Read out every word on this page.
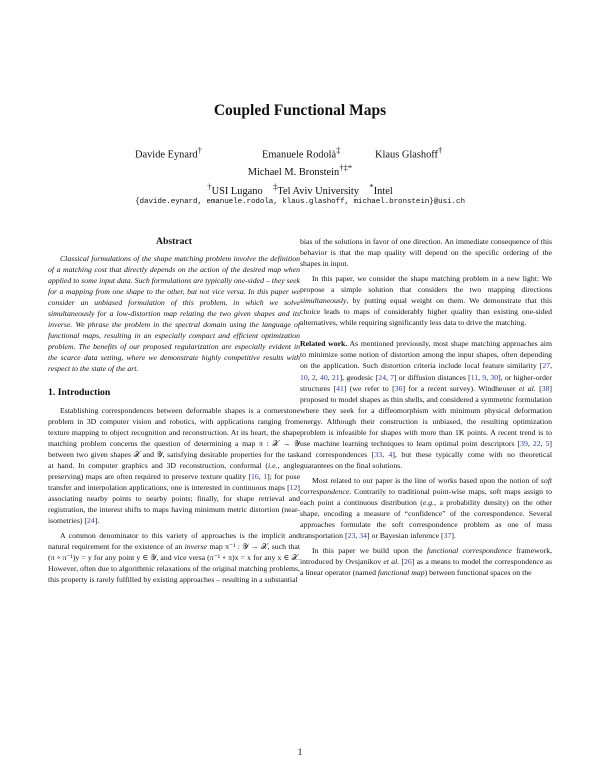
Coupled Functional Maps
Davide Eynard†	Emanuele Rodolà‡	Klaus Glashoff†
Michael M. Bronstein†‡*
†USI Lugano ‡Tel Aviv University *Intel
{davide.eynard, emanuele.rodola, klaus.glashoff, michael.bronstein}@usi.ch
Abstract

Classical formulations of the shape matching problem involve the definition of a matching cost that directly depends on the action of the desired map when applied to some input data. Such formulations are typically one-sided – they seek for a mapping from one shape to the other, but not vice versa. In this paper we consider an unbiased formulation of this problem, in which we solve simultaneously for a low-distortion map relating the two given shapes and its inverse. We phrase the problem in the spectral domain using the language of functional maps, resulting in an especially compact and efficient optimization problem. The benefits of our proposed regularization are especially evident in the scarce data setting, where we demonstrate highly competitive results with respect to the state of the art.

1. Introduction

Establishing correspondences between deformable shapes is a cornerstone problem in 3D computer vision and robotics, with applications ranging from texture mapping to object recognition and reconstruction. At its heart, the shape matching problem concerns the question of determining a map π : 𝒳 → 𝒴 between two given shapes 𝒳 and 𝒴, satisfying desirable properties for the task at hand. In computer graphics and 3D reconstruction, conformal (i.e., angle preserving) maps are often required to preserve texture quality [16, 1]; for pose transfer and interpolation applications, one is interested in continuous maps [12] associating nearby points to nearby points; finally, for shape retrieval and registration, the interest shifts to maps having minimum metric distortion (near-isometries) [24].

A common denominator to this variety of approaches is the implicit and natural requirement for the existence of an inverse map π⁻¹ : 𝒴 → 𝒳, such that (π ∘ π⁻¹)y = y for any point y ∈ 𝒴, and vice versa (π⁻¹ ∘ π)x = x for any x ∈ 𝒳. However, often due to algorithmic relaxations of the original matching problems, this property is rarely fulfilled by existing approaches – resulting in a substantial

bias of the solutions in favor of one direction. An immediate consequence of this behavior is that the map quality will depend on the specific ordering of the shapes in input.

In this paper, we consider the shape matching problem in a new light: We propose a simple solution that considers the two mapping directions simultaneously, by putting equal weight on them. We demonstrate that this choice leads to maps of considerably higher quality than existing one-sided alternatives, while requiring significantly less data to drive the matching.

Related work. As mentioned previously, most shape matching approaches aim to minimize some notion of distortion among the input shapes, often depending on the application. Such distortion criteria include local feature similarity [27, 10, 2, 40, 21], geodesic [24, 7] or diffusion distances [11, 9, 30], or higher-order structures [41] (we refer to [36] for a recent survey). Windheuser et al. [38] proposed to model shapes as thin shells, and considered a symmetric formulation where they seek for a diffeomorphism with minimum physical deformation energy. Although their construction is unbiased, the resulting optimization problem is infeasible for shapes with more than 1K points. A recent trend is to use machine learning techniques to learn optimal point descriptors [39, 22, 5] and correspondences [33, 4], but these typically come with no theoretical guarantees on the final solutions.

Most related to our paper is the line of works based upon the notion of soft correspondence. Contrarily to traditional point-wise maps, soft maps assign to each point a continuous distribution (e.g., a probability density) on the other shape, encoding a measure of “confidence” of the correspondence. Several approaches formulate the soft correspondence problem as one of mass transportation [23, 34] or Bayesian inference [37].

In this paper we build upon the functional correspondence framework, introduced by Ovsjanikov et al. [26] as a means to model the correspondence as a linear operator (named functional map) between functional spaces on the

1
